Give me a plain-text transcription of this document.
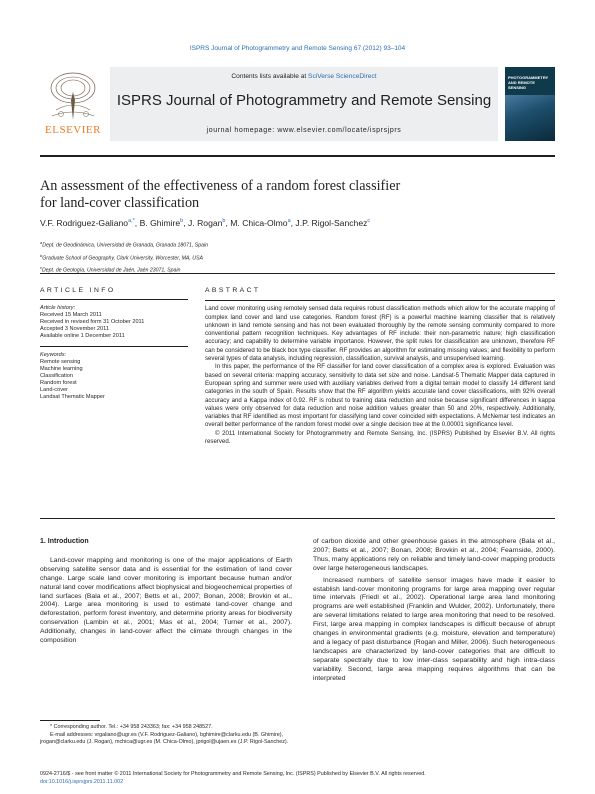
ISPRS Journal of Photogrammetry and Remote Sensing 67 (2012) 93–104
ELSEVIER
Contents lists available at SciVerse ScienceDirect
ISPRS Journal of Photogrammetry and Remote Sensing
journal homepage: www.elsevier.com/locate/isprsjprs
PHOTOGRAMMETRY AND REMOTE SENSING
An assessment of the effectiveness of a random forest classifier
for land-cover classification
V.F. Rodriguez-Galiano$^{a,*}$, B. Ghimire$^b$, J. Rogan$^b$, M. Chica-Olmo$^a$, J.P. Rigol-Sanchez$^c$
$^a$Dept. de Geodinámica, Universidad de Granada, Granada 18071, Spain
$^b$Graduate School of Geography, Clark University, Worcester, MA, USA
$^c$Dept. de Geología, Universidad de Jaén, Jaén 23071, Spain
ARTICLE INFO
Article history:
Received 15 March 2011
Received in revised form 31 October 2011
Accepted 3 November 2011
Available online 1 December 2011
Keywords:
Remote sensing
Machine learning
Classification
Random forest
Land-cover
Landsat Thematic Mapper
ABSTRACT

Land cover monitoring using remotely sensed data requires robust classification methods which allow for the accurate mapping of complex land cover and land use categories. Random forest (RF) is a powerful machine learning classifier that is relatively unknown in land remote sensing and has not been evaluated thoroughly by the remote sensing community compared to more conventional pattern recognition techniques. Key advantages of RF include: their non-parametric nature; high classification accuracy; and capability to determine variable importance. However, the split rules for classification are unknown, therefore RF can be considered to be black box type classifier. RF provides an algorithm for estimating missing values; and flexibility to perform several types of data analysis, including regression, classification, survival analysis, and unsupervised learning.

In this paper, the performance of the RF classifier for land cover classification of a complex area is explored. Evaluation was based on several criteria: mapping accuracy, sensitivity to data set size and noise. Landsat-5 Thematic Mapper data captured in European spring and summer were used with auxiliary variables derived from a digital terrain model to classify 14 different land categories in the south of Spain. Results show that the RF algorithm yields accurate land cover classifications, with 92% overall accuracy and a Kappa index of 0.92. RF is robust to training data reduction and noise because significant differences in kappa values were only observed for data reduction and noise addition values greater than 50 and 20%, respectively. Additionally, variables that RF identified as most important for classifying land cover coincided with expectations. A McNemar test indicates an overall better performance of the random forest model over a single decision tree at the 0.00001 significance level.

© 2011 International Society for Photogrammetry and Remote Sensing, Inc. (ISPRS) Published by Elsevier B.V. All rights reserved.

1. Introduction

Land-cover mapping and monitoring is one of the major applications of Earth observing satellite sensor data and is essential for the estimation of land cover change. Large scale land cover monitoring is important because human and/or natural land cover modifications affect biophysical and biogeochemical properties of land surfaces (Bala et al., 2007; Betts et al., 2007; Bonan, 2008; Brovkin et al., 2004). Large area monitoring is used to estimate land-cover change and deforestation, perform forest inventory, and determine priority areas for biodiversity conservation (Lambin et al., 2001; Mas et al., 2004; Turner et al., 2007). Additionally, changes in land-cover affect the climate through changes in the composition

of carbon dioxide and other greenhouse gases in the atmosphere (Bala et al., 2007; Betts et al., 2007; Bonan, 2008; Brovkin et al., 2004; Fearnside, 2000). Thus, many applications rely on reliable and timely land-cover mapping products over large heterogeneous landscapes.

Increased numbers of satellite sensor images have made it easier to establish land-cover monitoring programs for large area mapping over regular time intervals (Friedl et al., 2002). Operational large area land monitoring programs are well established (Franklin and Wulder, 2002). Unfortunately, there are several limitations related to large area monitoring that need to be resolved. First, large area mapping in complex landscapes is difficult because of abrupt changes in environmental gradients (e.g. moisture, elevation and temperature) and a legacy of past disturbance (Rogan and Miller, 2006). Such heterogeneous landscapes are characterized by land-cover categories that are difficult to separate spectrally due to low inter-class separability and high intra-class variability. Second, large area mapping requires algorithms that can be interpreted

* Corresponding author. Tel.: +34 958 243363; fax: +34 958 248527.
E-mail addresses: vrgaliano@ugr.es (V.F. Rodriguez-Galiano), bghimire@clarku.edu (B. Ghimire), jrogan@clarku.edu (J. Rogan), mchica@ugr.es (M. Chica-Olmo), jprigol@ujaen.es (J.P. Rigol-Sanchez).
0924-2716/$ - see front matter © 2011 International Society for Photogrammetry and Remote Sensing, Inc. (ISPRS) Published by Elsevier B.V. All rights reserved.
doi:10.1016/j.isprsjprs.2011.11.002
